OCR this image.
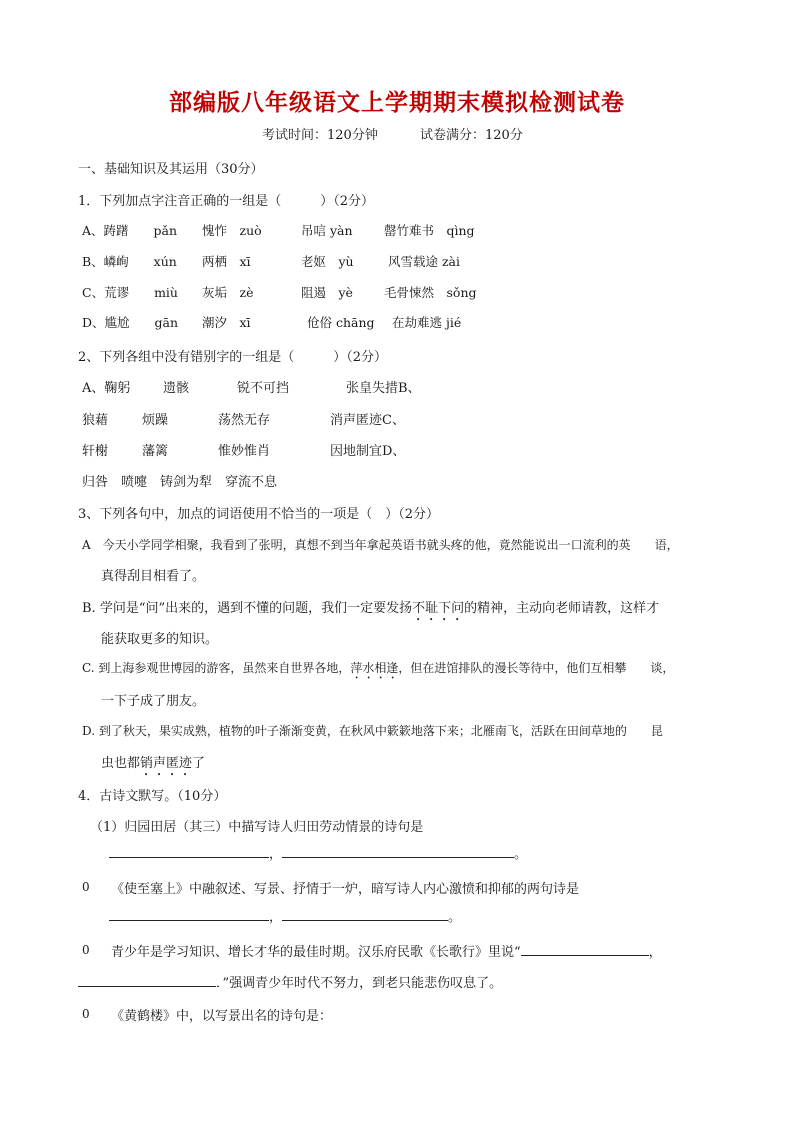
部编版八年级语文上学期期末模拟检测试卷
考试时间：120分钟	试卷满分：120分
一、基础知识及其运用（30分）
1．下列加点字注音正确的一组是（　　　）（2分）
A、踌躇　　pǎn 愧怍　zuò	吊唁 yàn	罄竹难书　qìng
B、嶙峋　　xún 两栖　xī	老妪　yù	风雪载途 zài
C、荒谬　　miù 灰垢　zè	阻遏　yè 毛骨悚然　sǒng
D、尴尬　　gān 潮汐　xī	伧俗 chāng 在劫难逃 jié
2、下列各组中没有错别字的一组是（　　　）（2分）
A、鞠躬	遗骸	锐不可挡	张皇失措B、
狼藉	烦躁	荡然无存	消声匿迹C、
轩榭	藩篱	惟妙惟肖	因地制宜D、
归咎　喷嚏　铸剑为犁　穿流不息
3、下列各句中，加点的词语使用不恰当的一项是（　）（2分）
A　今天小学同学相聚，我看到了张明，真想不到当年拿起英语书就头疼的他，竟然能说出一口流利的英　　语，
真得刮目相看了。
B. 学问是“问”出来的，遇到不懂的问题，我们一定要发扬不耻下问的精神，主动向老师请教，这样才
能获取更多的知识。
C. 到上海参观世博园的游客，虽然来自世界各地，萍水相逢，但在进馆排队的漫长等待中，他们互相攀　　谈，
一下子成了朋友。
D. 到了秋天，果实成熟，植物的叶子渐渐变黄，在秋风中簌簌地落下来；北雁南飞，活跃在田间草地的　　昆
虫也都销声匿迹了
4．古诗文默写。（10分）
（1）归园田居（其三）中描写诗人归田劳动情景的诗句是
，	。
0 《使至塞上》中融叙述、写景、抒情于一炉，暗写诗人内心激愤和抑郁的两句诗是
，	。
0 青少年是学习知识、增长才华的最佳时期。汉乐府民歌《长歌行》里说“	，
．”强调青少年时代不努力，到老只能悲伤叹息了。
0 《黄鹤楼》中，以写景出名的诗句是：
